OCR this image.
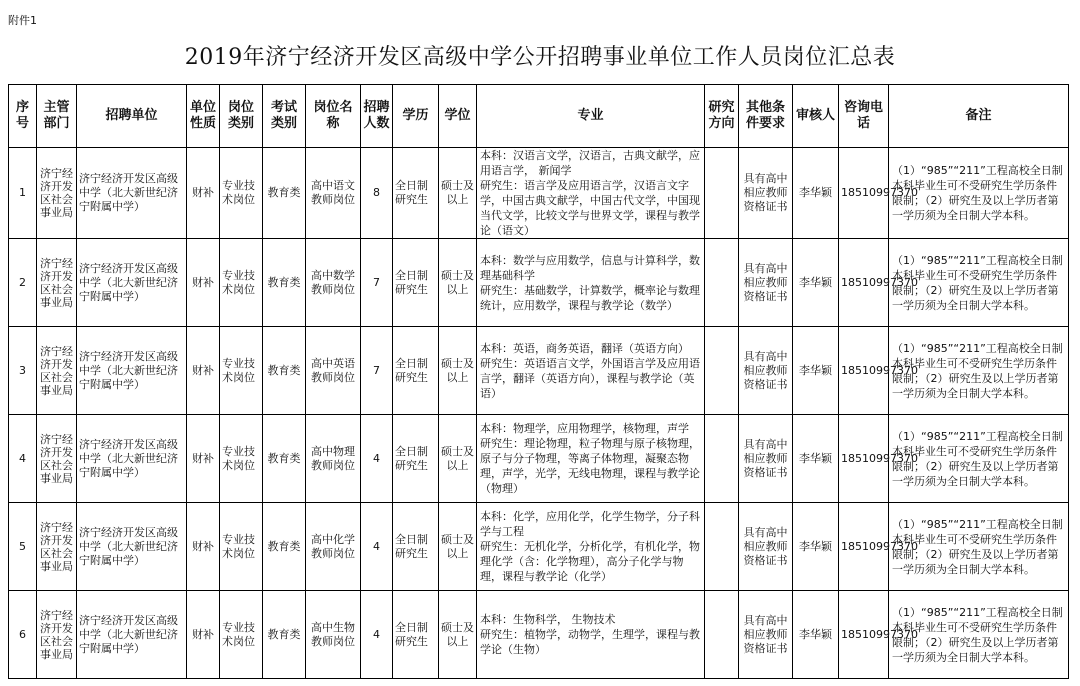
附件1
2019年济宁经济开发区高级中学公开招聘事业单位工作人员岗位汇总表
序号	主管部门	招聘单位	单位性质	岗位类别	考试类别	岗位名称	招聘人数	学历	学位	专业	研究方向	其他条件要求	审核人	咨询电话	备注
1	济宁经济开发区社会事业局	济宁经济开发区高级中学（北大新世纪济宁附属中学）	财补	专业技术岗位	教育类	高中语文教师岗位	8	全日制研究生	硕士及以上	本科：汉语言文学，汉语言，古典文献学，应用语言学， 新闻学
研究生：语言学及应用语言学，汉语言文字学，中国古典文献学，中国古代文学，中国现当代文学，比较文学与世界文学，课程与教学论（语文）		具有高中相应教师资格证书	李华颖	18510997370	（1）“985”“211”工程高校全日制本科毕业生可不受研究生学历条件限制；（2）研究生及以上学历者第一学历须为全日制大学本科。
2	济宁经济开发区社会事业局	济宁经济开发区高级中学（北大新世纪济宁附属中学）	财补	专业技术岗位	教育类	高中数学教师岗位	7	全日制研究生	硕士及以上	本科：数学与应用数学，信息与计算科学，数理基础科学
研究生：基础数学，计算数学，概率论与数理统计，应用数学，课程与教学论（数学）		具有高中相应教师资格证书	李华颖	18510997370	（1）“985”“211”工程高校全日制本科毕业生可不受研究生学历条件限制；（2）研究生及以上学历者第一学历须为全日制大学本科。
3	济宁经济开发区社会事业局	济宁经济开发区高级中学（北大新世纪济宁附属中学）	财补	专业技术岗位	教育类	高中英语教师岗位	7	全日制研究生	硕士及以上	本科：英语，商务英语，翻译（英语方向）
研究生：英语语言文学，外国语言学及应用语言学，翻译（英语方向），课程与教学论（英语）		具有高中相应教师资格证书	李华颖	18510997370	（1）“985”“211”工程高校全日制本科毕业生可不受研究生学历条件限制；（2）研究生及以上学历者第一学历须为全日制大学本科。
4	济宁经济开发区社会事业局	济宁经济开发区高级中学（北大新世纪济宁附属中学）	财补	专业技术岗位	教育类	高中物理教师岗位	4	全日制研究生	硕士及以上	本科：物理学，应用物理学，核物理，声学
研究生：理论物理，粒子物理与原子核物理，原子与分子物理，等离子体物理，凝聚态物理，声学，光学，无线电物理，课程与教学论（物理）		具有高中相应教师资格证书	李华颖	18510997370	（1）“985”“211”工程高校全日制本科毕业生可不受研究生学历条件限制；（2）研究生及以上学历者第一学历须为全日制大学本科。
5	济宁经济开发区社会事业局	济宁经济开发区高级中学（北大新世纪济宁附属中学）	财补	专业技术岗位	教育类	高中化学教师岗位	4	全日制研究生	硕士及以上	本科：化学，应用化学，化学生物学，分子科学与工程
研究生：无机化学，分析化学，有机化学，物理化学（含：化学物理），高分子化学与物理，课程与教学论（化学）		具有高中相应教师资格证书	李华颖	18510997370	（1）“985”“211”工程高校全日制本科毕业生可不受研究生学历条件限制；（2）研究生及以上学历者第一学历须为全日制大学本科。
6	济宁经济开发区社会事业局	济宁经济开发区高级中学（北大新世纪济宁附属中学）	财补	专业技术岗位	教育类	高中生物教师岗位	4	全日制研究生	硕士及以上	本科：生物科学， 生物技术
研究生：植物学，动物学，生理学，课程与教学论（生物）		具有高中相应教师资格证书	李华颖	18510997370	（1）“985”“211”工程高校全日制本科毕业生可不受研究生学历条件限制；（2）研究生及以上学历者第一学历须为全日制大学本科。
